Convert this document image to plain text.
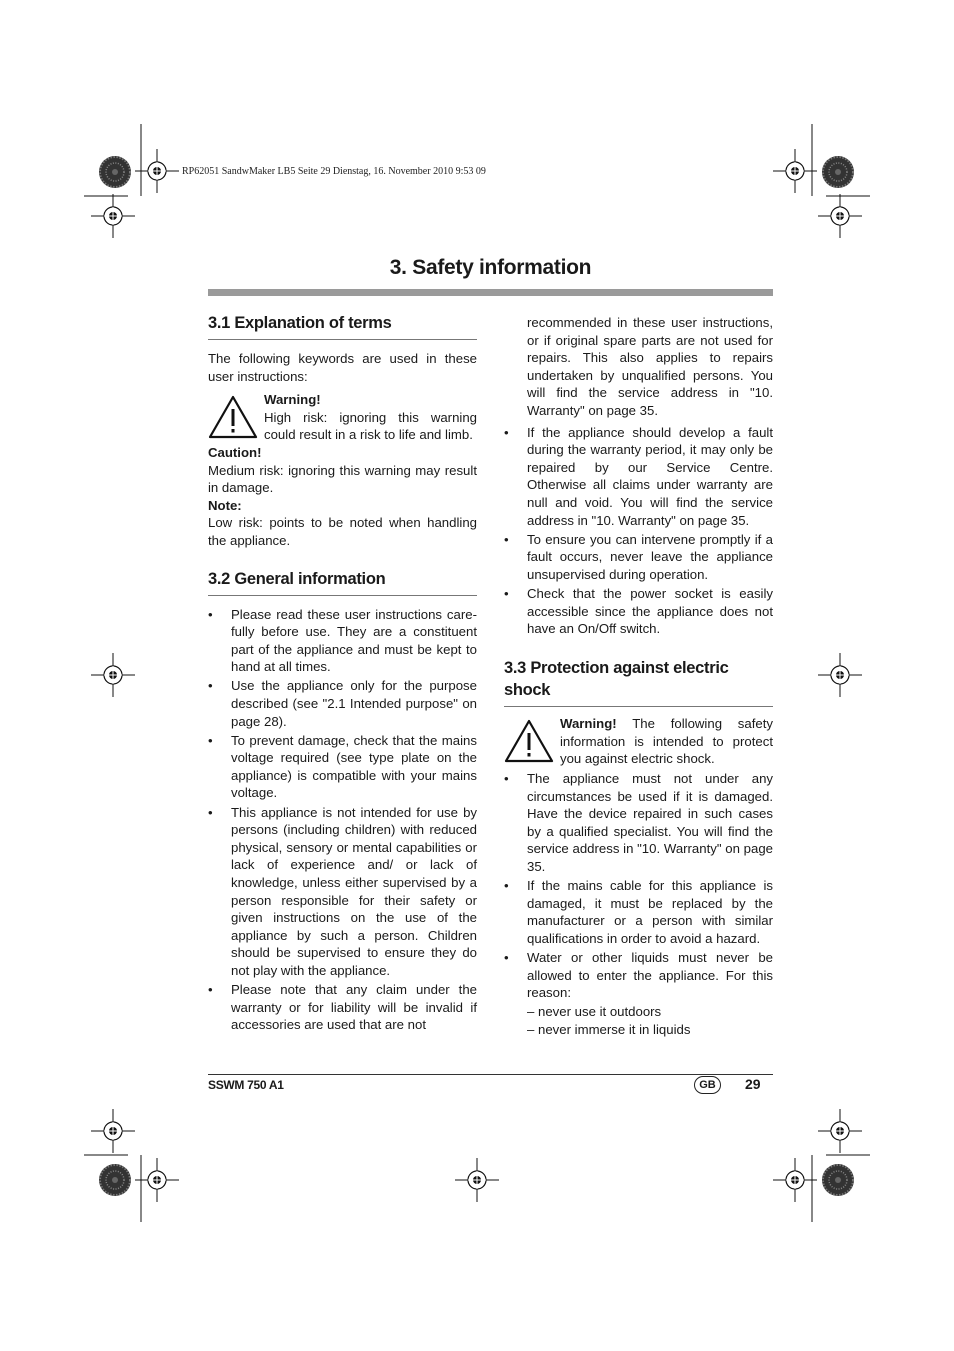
RP62051 SandwMaker LB5 Seite 29 Dienstag, 16. November 2010 9:53 09
3. Safety information
3.1 Explanation of terms

The following keywords are used in these user instructions:

Warning!

High risk: ignoring this warning could result in a risk to life and limb.

Caution!

Medium risk: ignoring this warning may result in damage.

Note:

Low risk: points to be noted when handling the appliance.

3.2 General information
• Please read these user instructions carefully before use. They are a constituent part of the appliance and must be kept to hand at all times.
• Use the appliance only for the purpose described (see "2.1 Intended purpose" on page 28).
• To prevent damage, check that the mains voltage required (see type plate on the appliance) is compatible with your mains voltage.
• This appliance is not intended for use by persons (including children) with reduced physical, sensory or mental capabilities or lack of experience and/ or lack of knowledge, unless either supervised by a person responsible for their safety or given instructions on the use of the appliance by such a person. Children should be supervised to ensure they do not play with the appliance.
• Please note that any claim under the warranty or for liability will be invalid if accessories are used that are not

recommended in these user instructions, or if original spare parts are not used for repairs. This also applies to repairs undertaken by unqualified persons. You will find the service address in "10. Warranty" on page 35.

• If the appliance should develop a fault during the warranty period, it may only be repaired by our Service Centre. Otherwise all claims under warranty are null and void. You will find the service address in "10. Warranty" on page 35.
• To ensure you can intervene promptly if a fault occurs, never leave the appliance unsupervised during operation.
• Check that the power socket is easily accessible since the appliance does not have an On/Off switch.
3.3 Protection against electric shock

Warning! The following safety information is intended to protect you against electric shock.

• The appliance must not under any circumstances be used if it is damaged. Have the device repaired in such cases by a qualified specialist. You will find the service address in "10. Warranty" on page 35.
• If the mains cable for this appliance is damaged, it must be replaced by the manufacturer or a person with similar qualifications in order to avoid a hazard.
• Water or other liquids must never be allowed to enter the appliance. For this reason:
– never use it outdoors
– never immerse it in liquids
SSWM 750 A1	GB	29
